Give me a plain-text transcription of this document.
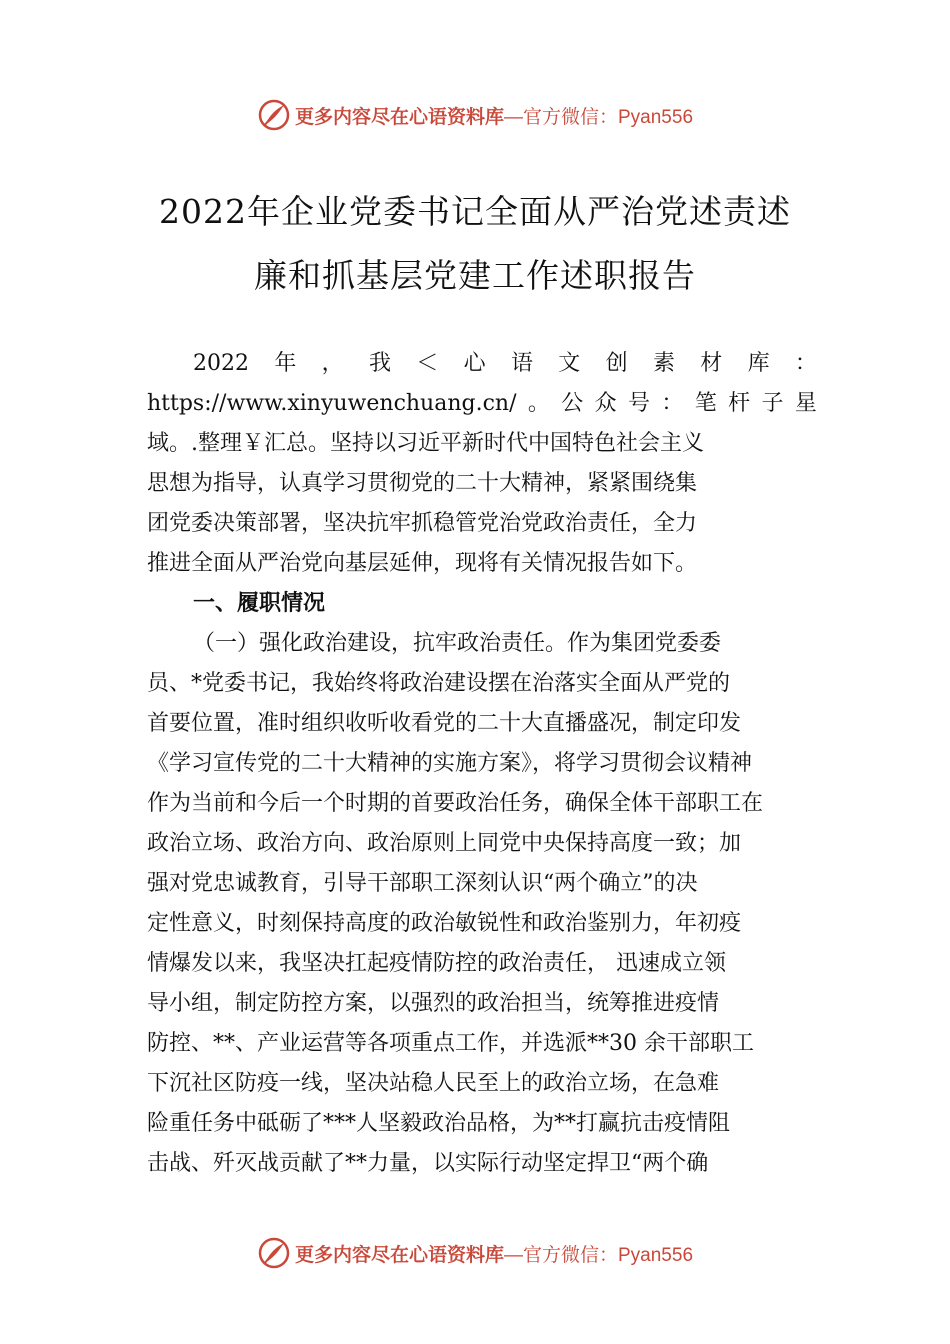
更多内容尽在心语资料库 —官方微信：Pyan556
2022年企业党委书记全面从严治党述责述
廉和抓基层党建工作述职报告
2022 年 ， 我 ＜ 心 语 文 创 素 材 库 ：
https://www.xinyuwenchuang.cn/ 。 公 众 号 ： 笔 杆 子 星
域。.整理￥汇总。坚持以习近平新时代中国特色社会主义
思想为指导，认真学习贯彻党的二十大精神，紧紧围绕集
团党委决策部署，坚决抗牢抓稳管党治党政治责任，全力
推进全面从严治党向基层延伸，现将有关情况报告如下。
一、履职情况
（一）强化政治建设，抗牢政治责任。作为集团党委委
员、*党委书记，我始终将政治建设摆在治落实全面从严党的
首要位置，准时组织收听收看党的二十大直播盛况，制定印发
《学习宣传党的二十大精神的实施方案》，将学习贯彻会议精神
作为当前和今后一个时期的首要政治任务，确保全体干部职工在
政治立场、政治方向、政治原则上同党中央保持高度一致；加
强对党忠诚教育，引导干部职工深刻认识“两个确立”的决
定性意义，时刻保持高度的政治敏锐性和政治鉴别力，年初疫
情爆发以来，我坚决扛起疫情防控的政治责任， 迅速成立领
导小组，制定防控方案，以强烈的政治担当，统筹推进疫情
防控、**、产业运营等各项重点工作，并选派**30 余干部职工
下沉社区防疫一线，坚决站稳人民至上的政治立场，在急难
险重任务中砥砺了***人坚毅政治品格，为**打赢抗击疫情阻
击战、歼灭战贡献了**力量，以实际行动坚定捍卫“两个确
更多内容尽在心语资料库 —官方微信：Pyan556
